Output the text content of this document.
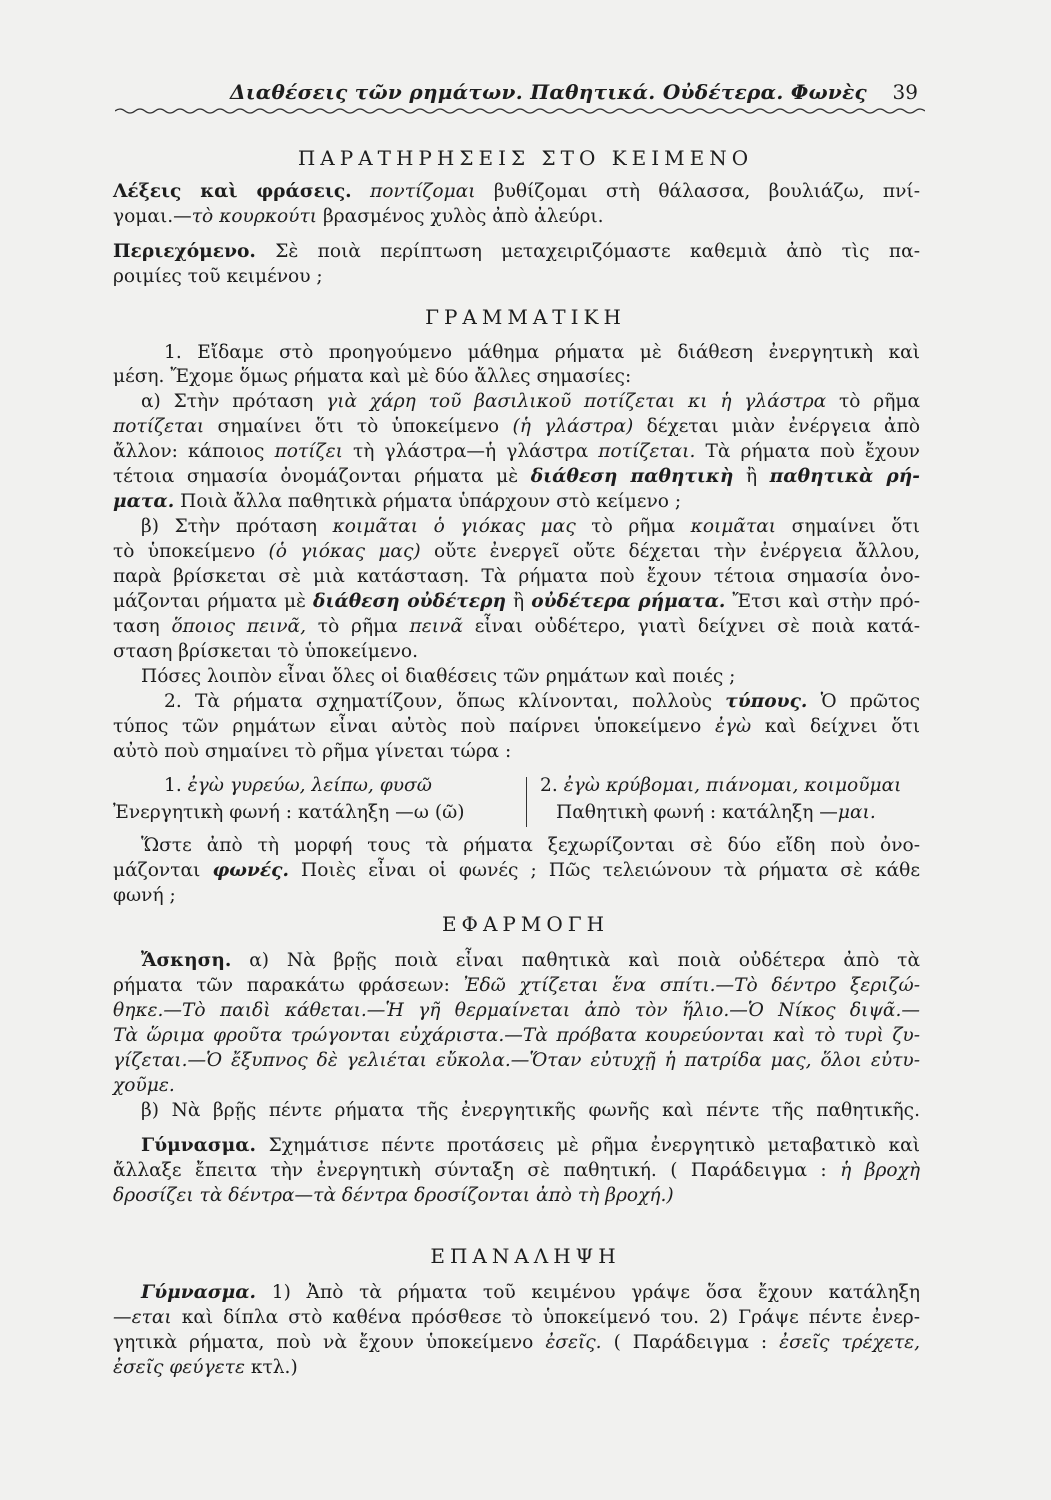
Διαθέσεις τῶν ρημάτων. Παθητικά. Οὐδέτερα. Φωνὲς 39
ΠΑΡΑΤΗΡΗΣΕΙΣ ΣΤΟ ΚΕΙΜΕΝΟ
Λέξεις καὶ φράσεις. ποντίζομαι βυθίζομαι στὴ θάλασσα, βουλιάζω, πνί-
γομαι.—τὸ κουρκούτι βρασμένος χυλὸς ἀπὸ ἀλεύρι.
Περιεχόμενο. Σὲ ποιὰ περίπτωση μεταχειριζόμαστε καθεμιὰ ἀπὸ τὶς πα-
ροιμίες τοῦ κειμένου ;
ΓΡΑΜΜΑΤΙΚΗ
1. Εἴδαμε στὸ προηγούμενο μάθημα ρήματα μὲ διάθεση ἐνεργητικὴ καὶ
μέση. Ἔχομε ὅμως ρήματα καὶ μὲ δύο ἄλλες σημασίες:
α) Στὴν πρόταση γιὰ χάρη τοῦ βασιλικοῦ ποτίζεται κι ἡ γλάστρα τὸ ρῆμα
ποτίζεται σημαίνει ὅτι τὸ ὑποκείμενο (ἡ γλάστρα) δέχεται μιὰν ἐνέργεια ἀπὸ
ἄλλον: κάποιος ποτίζει τὴ γλάστρα—ἡ γλάστρα ποτίζεται. Τὰ ρήματα ποὺ ἔχουν
τέτοια σημασία ὀνομάζονται ρήματα μὲ διάθεση παθητικὴ ἢ παθητικὰ ρή-
ματα. Ποιὰ ἄλλα παθητικὰ ρήματα ὑπάρχουν στὸ κείμενο ;
β) Στὴν πρόταση κοιμᾶται ὁ γιόκας μας τὸ ρῆμα κοιμᾶται σημαίνει ὅτι
τὸ ὑποκείμενο (ὁ γιόκας μας) οὔτε ἐνεργεῖ οὔτε δέχεται τὴν ἐνέργεια ἄλλου,
παρὰ βρίσκεται σὲ μιὰ κατάσταση. Τὰ ρήματα ποὺ ἔχουν τέτοια σημασία ὀνο-
μάζονται ρήματα μὲ διάθεση οὐδέτερη ἢ οὐδέτερα ρήματα. Ἔτσι καὶ στὴν πρό-
ταση ὅποιος πεινᾶ, τὸ ρῆμα πεινᾶ εἶναι οὐδέτερο, γιατὶ δείχνει σὲ ποιὰ κατά-
σταση βρίσκεται τὸ ὑποκείμενο.
Πόσες λοιπὸν εἶναι ὅλες οἱ διαθέσεις τῶν ρημάτων καὶ ποιές ;
2. Τὰ ρήματα σχηματίζουν, ὅπως κλίνονται, πολλοὺς τύπους. Ὁ πρῶτος
τύπος τῶν ρημάτων εἶναι αὐτὸς ποὺ παίρνει ὑποκείμενο ἐγὼ καὶ δείχνει ὅτι
αὐτὸ ποὺ σημαίνει τὸ ρῆμα γίνεται τώρα :
1. ἐγὼ γυρεύω, λείπω, φυσῶ
Ἐνεργητικὴ φωνή : κατάληξη —ω (ῶ)
2. ἐγὼ κρύβομαι, πιάνομαι, κοιμοῦμαι
Παθητικὴ φωνή : κατάληξη —μαι.
Ὥστε ἀπὸ τὴ μορφή τους τὰ ρήματα ξεχωρίζονται σὲ δύο εἴδη ποὺ ὀνο-
μάζονται φωνές. Ποιὲς εἶναι οἱ φωνές ; Πῶς τελειώνουν τὰ ρήματα σὲ κάθε
φωνή ;
ΕΦΑΡΜΟΓΗ
Ἄσκηση. α) Νὰ βρῇς ποιὰ εἶναι παθητικὰ καὶ ποιὰ οὐδέτερα ἀπὸ τὰ
ρήματα τῶν παρακάτω φράσεων: Ἐδῶ χτίζεται ἕνα σπίτι.—Τὸ δέντρο ξεριζώ-
θηκε.—Τὸ παιδὶ κάθεται.—Ἡ γῆ θερμαίνεται ἀπὸ τὸν ἥλιο.—Ὁ Νίκος διψᾶ.—
Τὰ ὥριμα φροῦτα τρώγονται εὐχάριστα.—Τὰ πρόβατα κουρεύονται καὶ τὸ τυρὶ ζυ-
γίζεται.—Ὁ ἔξυπνος δὲ γελιέται εὔκολα.—Ὅταν εὐτυχῇ ἡ πατρίδα μας, ὅλοι εὐτυ-
χοῦμε.
β) Νὰ βρῇς πέντε ρήματα τῆς ἐνεργητικῆς φωνῆς καὶ πέντε τῆς παθητικῆς.
Γύμνασμα. Σχημάτισε πέντε προτάσεις μὲ ρῆμα ἐνεργητικὸ μεταβατικὸ καὶ
ἄλλαξε ἔπειτα τὴν ἐνεργητικὴ σύνταξη σὲ παθητική. ( Παράδειγμα : ἡ βροχὴ
δροσίζει τὰ δέντρα—τὰ δέντρα δροσίζονται ἀπὸ τὴ βροχή.)
ΕΠΑΝΑΛΗΨΗ
Γύμνασμα. 1) Ἀπὸ τὰ ρήματα τοῦ κειμένου γράψε ὅσα ἔχουν κατάληξη
—εται καὶ δίπλα στὸ καθένα πρόσθεσε τὸ ὑποκείμενό του. 2) Γράψε πέντε ἐνερ-
γητικὰ ρήματα, ποὺ νὰ ἔχουν ὑποκείμενο ἐσεῖς. ( Παράδειγμα : ἐσεῖς τρέχετε,
ἐσεῖς φεύγετε κτλ.)
